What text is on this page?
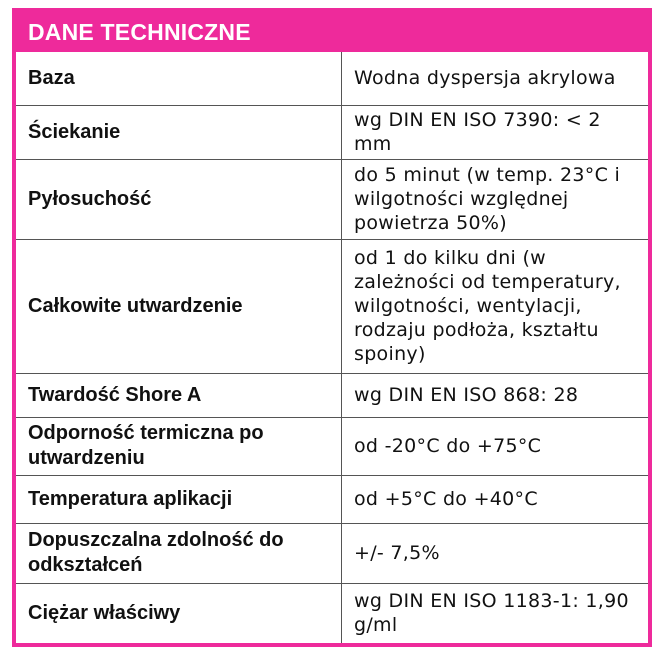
DANE TECHNICZNE
Baza	Wodna dyspersja akrylowa
Ściekanie	wg DIN EN ISO 7390: < 2 mm
Pyłosuchość	do 5 minut (w temp. 23°C i wilgotności względnej powietrza 50%)
Całkowite utwardzenie	od 1 do kilku dni (w zależności od temperatury, wilgotności, wentylacji, rodzaju podłoża, kształtu spoiny)
Twardość Shore A	wg DIN EN ISO 868: 28
Odporność termiczna po utwardzeniu	od -20°C do +75°C
Temperatura aplikacji	od +5°C do +40°C
Dopuszczalna zdolność do odkształceń	+/- 7,5%
Ciężar właściwy	wg DIN EN ISO 1183-1: 1,90 g/ml
